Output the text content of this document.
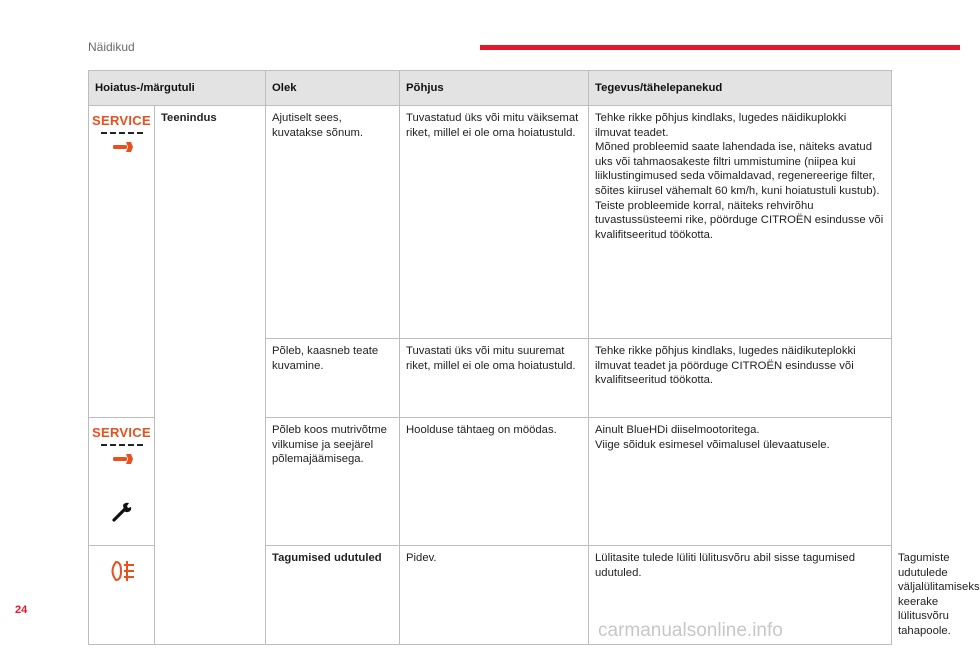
Näidikud
Hoiatus-/märgutuli		Olek	Põhjus	Tegevus/tähelepanekud	

SERVICE	Teenindus	Ajutiselt sees, kuvatakse sõnum.	Tuvastatud üks või mitu väiksemat riket, millel ei ole oma hoiatustuld.	Tehke rikke põhjus kindlaks, lugedes näidikuplokki ilmuvat teadet.
Mõned probleemid saate lahendada ise, näiteks avatud uks või tahmaosakeste filtri ummistumine (niipea kui liiklustingimused seda võimaldavad, regenereerige filter, sõites kiirusel vähemalt 60 km/h, kuni hoiatustuli kustub).
Teiste probleemide korral, näiteks rehvirõhu tuvastussüsteemi rike, pöörduge CITROËN esindusse või kvalifitseeritud töökotta.	
		Põleb, kaasneb teate kuvamine.	Tuvastati üks või mitu suuremat riket, millel ei ole oma hoiatustuld.	Tehke rikke põhjus kindlaks, lugedes näidikuteplokki ilmuvat teadet ja pöörduge CITROËN esindusse või kvalifitseeritud töökotta.	

SERVICE		Põleb koos mutrivõtme vilkumise ja seejärel põlemajäämisega.	Hoolduse tähtaeg on möödas.	Ainult BlueHDi diiselmootoritega.
Viige sõiduk esimesel võimalusel ülevaatusele.	
	Tagumised udutuled	Pidev.	Lülitasite tulede lüliti lülitusvõru abil sisse tagumised udutuled.	Tagumiste udutulede väljalülitamiseks keerake lülitusvõru tahapoole.
24
carmanualsonline.info
